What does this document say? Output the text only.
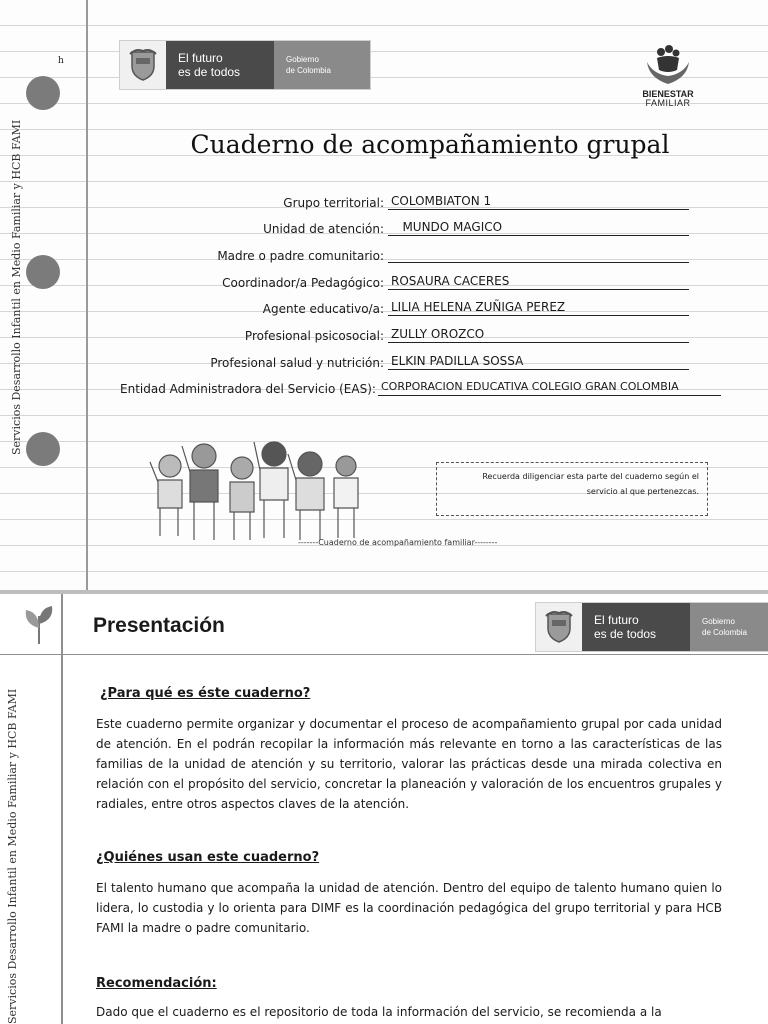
Servicios Desarrollo Infantil en Medio Familiar y HCB FAMI
h	El futuro
es de todos
Gobierno
de Colombia
BIENESTAR
FAMILIAR
Cuaderno de acompañamiento grupal
Grupo territorial: COLOMBIATON 1
Unidad de atención: MUNDO MAGICO
Madre o padre comunitario:
Coordinador/a Pedagógico: ROSAURA CACERES
Agente educativo/a: LILIA HELENA ZUÑIGA PEREZ
Profesional psicosocial: ZULLY OROZCO
Profesional salud y nutrición: ELKIN PADILLA SOSSA
Entidad Administradora del Servicio (EAS): CORPORACION EDUCATIVA COLEGIO GRAN COLOMBIA
Recuerda diligenciar esta parte del cuaderno según el
servicio al que pertenezcas.
-------Cuaderno de acompañamiento familiar--------
Presentación	El futuro
es de todos
Gobierno
de Colombia
Servicios Desarrollo Infantil en Medio Familiar y HCB FAMI	¿Para qué es éste cuaderno?
Este cuaderno permite organizar y documentar el proceso de acompañamiento grupal por cada unidad de atención. En el podrán recopilar la información más relevante en torno a las características de las familias de la unidad de atención y su territorio, valorar las prácticas desde una mirada colectiva en relación con el propósito del servicio, concretar la planeación y valoración de los encuentros grupales y radiales, entre otros aspectos claves de la atención.
¿Quiénes usan este cuaderno?
El talento humano que acompaña la unidad de atención. Dentro del equipo de talento humano quien lo lidera, lo custodia y lo orienta para DIMF es la coordinación pedagógica del grupo territorial y para HCB FAMI la madre o padre comunitario.
Recomendación:
Dado que el cuaderno es el repositorio de toda la información del servicio, se recomienda a la
